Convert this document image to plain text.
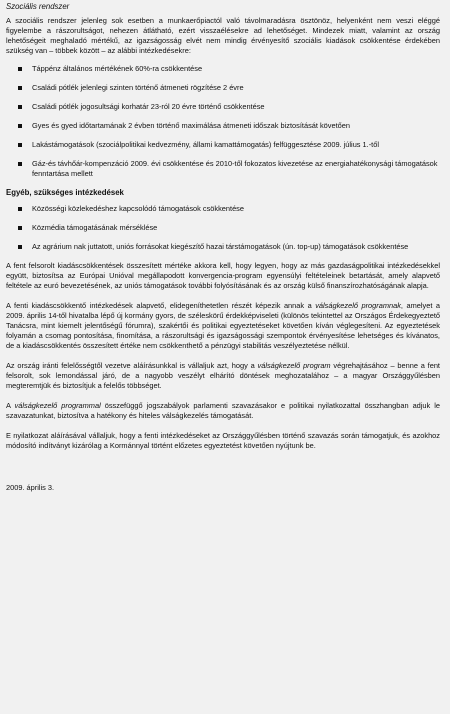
Szociális rendszer

A szociális rendszer jelenleg sok esetben a munkaerőpiactól való távolmaradásra ösztönöz, helyenként nem veszi eléggé figyelembe a rászorultságot, nehezen átlátható, ezért visszaélésekre ad lehetőséget. Mindezek miatt, valamint az ország lehetőségeit meghaladó mértékű, az igazságosság elvét nem mindig érvényesítő szociális kiadások csökkentése érdekében szükség van – többek között – az alábbi intézkedésekre:

Táppénz általános mértékének 60%-ra csökkentése
Családi pótlék jelenlegi szinten történő átmeneti rögzítése 2 évre
Családi pótlék jogosultsági korhatár 23-ról 20 évre történő csökkentése
Gyes és gyed időtartamának 2 évben történő maximálása átmeneti időszak biztosítását követően
Lakástámogatások (szociálpolitikai kedvezmény, állami kamattámogatás) felfüggesztése 2009. július 1.-től
Gáz-és távhőár-kompenzáció 2009. évi csökkentése és 2010-től fokozatos kivezetése az energiahatékonysági támogatások fenntartása mellett
Egyéb, szükséges intézkedések
Közösségi közlekedéshez kapcsolódó támogatások csökkentése
Közmédia támogatásának mérséklése
Az agrárium nak juttatott, uniós forrásokat kiegészítő hazai társtámogatások (ún. top-up) támogatások csökkentése

A fent felsorolt kiadáscsökkentések összesített mértéke akkora kell, hogy legyen, hogy az más gazdaságpolitikai intézkedésekkel együtt, biztosítsa az Európai Unióval megállapodott konvergencia-program egyensúlyi feltételeinek betartását, amely alapvető feltétele az euró bevezetésének, az uniós támogatások további folyósításának és az ország külső finanszírozhatóságának alapja.

A fenti kiadáscsökkentő intézkedések alapvető, elidegeníthetetlen részét képezik annak a válságkezelő programnak, amelyet a 2009. április 14-től hivatalba lépő új kormány gyors, de széleskörű érdekképviseleti (különös tekintettel az Országos Érdekegyeztető Tanácsra, mint kiemelt jelentőségű fórumra), szakértői és politikai egyeztetéseket követően kíván véglegesíteni. Az egyeztetések folyamán a csomag pontosítása, finomítása, a rászorultsági és igazságossági szempontok érvényesítése lehetséges és kívánatos, de a kiadáscsökkentés összesített értéke nem csökkenthető a pénzügyi stabilitás veszélyeztetése nélkül.

Az ország iránti felelősségtől vezetve aláírásunkkal is vállaljuk azt, hogy a válságkezelő program végrehajtásához – benne a fent felsorolt, sok lemondással járó, de a nagyobb veszélyt elhárító döntések meghozatalához – a magyar Országgyűlésben megteremtjük és biztosítjuk a felelős többséget.

A válságkezelő programmal összefüggő jogszabályok parlamenti szavazásakor e politikai nyilatkozattal összhangban adjuk le szavazatunkat, biztosítva a hatékony és hiteles válságkezelés támogatását.

E nyilatkozat aláírásával vállaljuk, hogy a fenti intézkedéseket az Országgyűlésben történő szavazás során támogatjuk, és azokhoz módosító indítványt kizárólag a Kormánnyal történt előzetes egyeztetést követően nyújtunk be.

2009. április 3.
